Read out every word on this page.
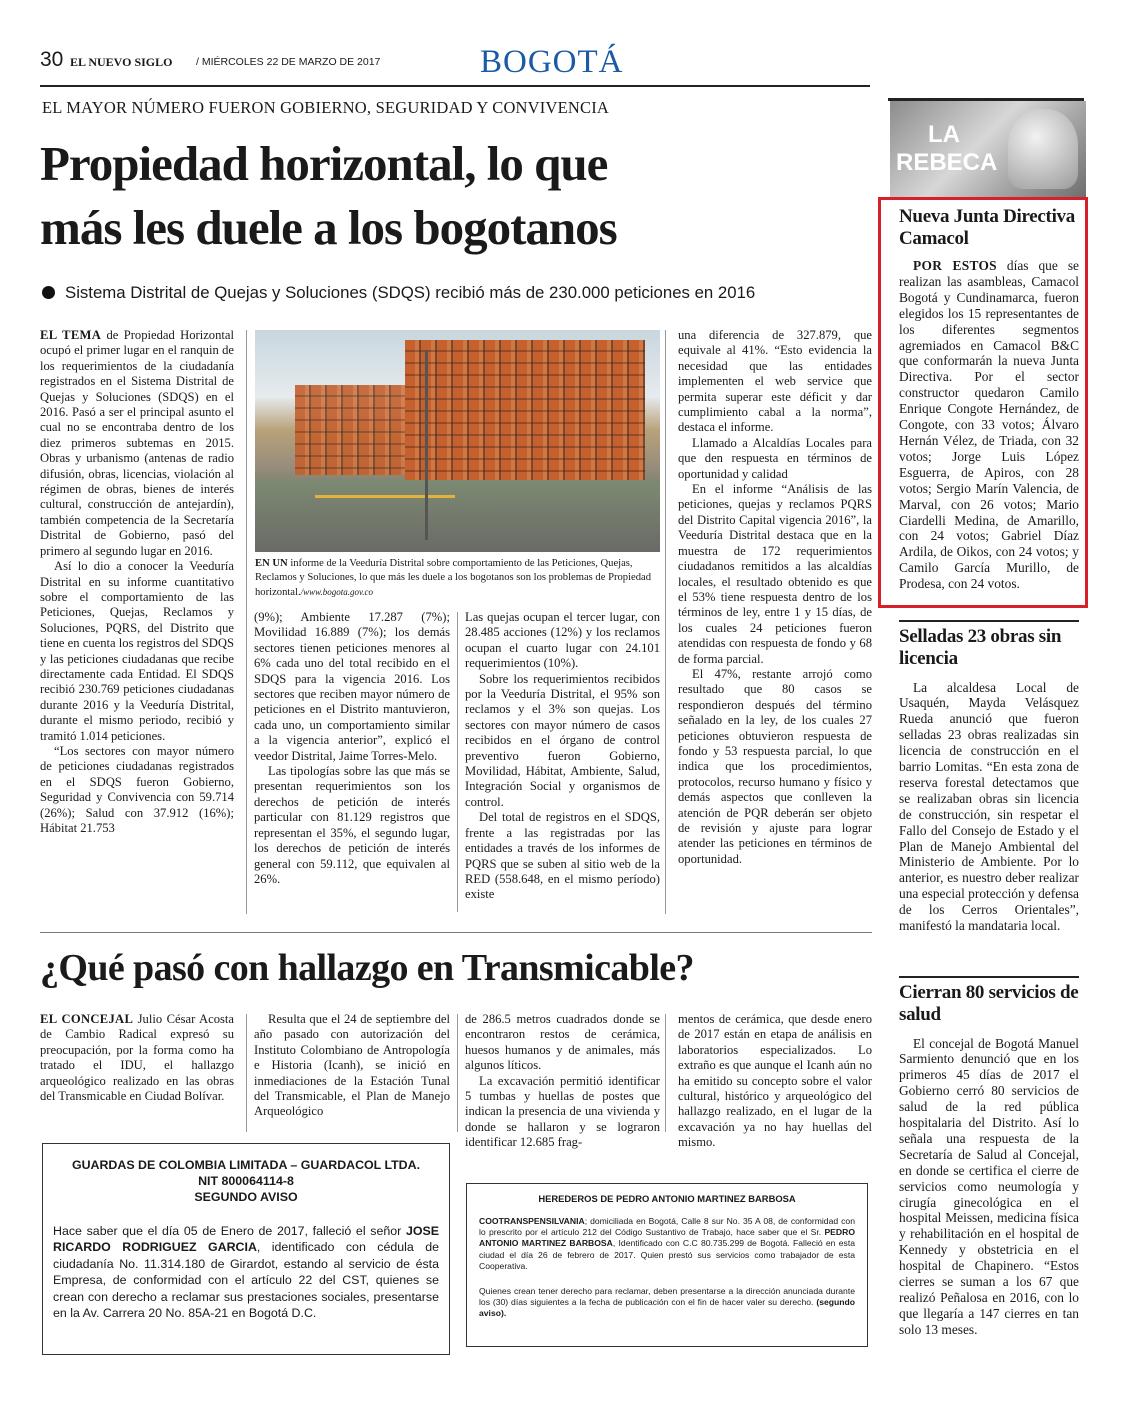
30 EL NUEVO SIGLO / MIÉRCOLES 22 DE MARZO DE 2017	BOGOTÁ
EL MAYOR NÚMERO FUERON GOBIERNO, SEGURIDAD Y CONVIVENCIA
Propiedad horizontal, lo que
más les duele a los bogotanos
Sistema Distrital de Quejas y Soluciones (SDQS) recibió más de 230.000 peticiones en 2016

EL TEMA de Propiedad Horizontal ocupó el primer lugar en el ranquin de los requerimientos de la ciudadanía registrados en el Sistema Distrital de Quejas y Soluciones (SDQS) en el 2016. Pasó a ser el principal asunto el cual no se encontraba dentro de los diez primeros subtemas en 2015. Obras y urbanismo (antenas de radio difusión, obras, licencias, violación al régimen de obras, bienes de interés cultural, construcción de antejardín), también competencia de la Secretaría Distrital de Gobierno, pasó del primero al segundo lugar en 2016.

Así lo dio a conocer la Veeduría Distrital en su informe cuantitativo sobre el comportamiento de las Peticiones, Quejas, Reclamos y Soluciones, PQRS, del Distrito que tiene en cuenta los registros del SDQS y las peticiones ciudadanas que recibe directamente cada Entidad. El SDQS recibió 230.769 peticiones ciudadanas durante 2016 y la Veeduría Distrital, durante el mismo periodo, recibió y tramitó 1.014 peticiones.

“Los sectores con mayor número de peticiones ciudadanas registrados en el SDQS fueron Gobierno, Seguridad y Convivencia con 59.714 (26%); Salud con 37.912 (16%); Hábitat 21.753

EN UN informe de la Veeduría Distrital sobre comportamiento de las Peticiones, Quejas, Reclamos y Soluciones, lo que más les duele a los bogotanos son los problemas de Propiedad horizontal./www.bogota.gov.co

(9%); Ambiente 17.287 (7%); Movilidad 16.889 (7%); los demás sectores tienen peticiones menores al 6% cada uno del total recibido en el SDQS para la vigencia 2016. Los sectores que reciben mayor número de peticiones en el Distrito mantuvieron, cada uno, un comportamiento similar a la vigencia anterior”, explicó el veedor Distrital, Jaime Torres-Melo.

Las tipologías sobre las que más se presentan requerimientos son los derechos de petición de interés particular con 81.129 registros que representan el 35%, el segundo lugar, los derechos de petición de interés general con 59.112, que equivalen al 26%.

Las quejas ocupan el tercer lugar, con 28.485 acciones (12%) y los reclamos ocupan el cuarto lugar con 24.101 requerimientos (10%).

Sobre los requerimientos recibidos por la Veeduría Distrital, el 95% son reclamos y el 3% son quejas. Los sectores con mayor número de casos recibidos en el órgano de control preventivo fueron Gobierno, Movilidad, Hábitat, Ambiente, Salud, Integración Social y organismos de control.

Del total de registros en el SDQS, frente a las registradas por las entidades a través de los informes de PQRS que se suben al sitio web de la RED (558.648, en el mismo período) existe

una diferencia de 327.879, que equivale al 41%. “Esto evidencia la necesidad que las entidades implementen el web service que permita superar este déficit y dar cumplimiento cabal a la norma”, destaca el informe.

Llamado a Alcaldías Locales para que den respuesta en términos de oportunidad y calidad

En el informe “Análisis de las peticiones, quejas y reclamos PQRS del Distrito Capital vigencia 2016”, la Veeduría Distrital destaca que en la muestra de 172 requerimientos ciudadanos remitidos a las alcaldías locales, el resultado obtenido es que el 53% tiene respuesta dentro de los términos de ley, entre 1 y 15 días, de los cuales 24 peticiones fueron atendidas con respuesta de fondo y 68 de forma parcial.

El 47%, restante arrojó como resultado que 80 casos se respondieron después del término señalado en la ley, de los cuales 27 peticiones obtuvieron respuesta de fondo y 53 respuesta parcial, lo que indica que los procedimientos, protocolos, recurso humano y físico y demás aspectos que conlleven la atención de PQR deberán ser objeto de revisión y ajuste para lograr atender las peticiones en términos de oportunidad.

¿Qué pasó con hallazgo en Transmicable?

EL CONCEJAL Julio César Acosta de Cambio Radical expresó su preocupación, por la forma como ha tratado el IDU, el hallazgo arqueológico realizado en las obras del Transmicable en Ciudad Bolívar.

Resulta que el 24 de septiembre del año pasado con autorización del Instituto Colombiano de Antropología e Historia (Icanh), se inició en inmediaciones de la Estación Tunal del Transmicable, el Plan de Manejo Arqueológico

de 286.5 metros cuadrados donde se encontraron restos de cerámica, huesos humanos y de animales, más algunos líticos.

La excavación permitió identificar 5 tumbas y huellas de postes que indican la presencia de una vivienda y donde se hallaron y se lograron identificar 12.685 frag-

mentos de cerámica, que desde enero de 2017 están en etapa de análisis en laboratorios especializados. Lo extraño es que aunque el Icanh aún no ha emitido su concepto sobre el valor cultural, histórico y arqueológico del hallazgo realizado, en el lugar de la excavación ya no hay huellas del mismo.

GUARDAS DE COLOMBIA LIMITADA – GUARDACOL LTDA.
NIT 800064114-8
SEGUNDO AVISO
Hace saber que el día 05 de Enero de 2017, falleció el señor JOSE RICARDO RODRIGUEZ GARCIA, identificado con cédula de ciudadanía No. 11.314.180 de Girardot, estando al servicio de ésta Empresa, de conformidad con el artículo 22 del CST, quienes se crean con derecho a reclamar sus prestaciones sociales, presentarse en la Av. Carrera 20 No. 85A-21 en Bogotá D.C.
HEREDEROS DE PEDRO ANTONIO MARTINEZ BARBOSA
COOTRANSPENSILVANIA; domiciliada en Bogotá, Calle 8 sur No. 35 A 08, de conformidad con lo prescrito por el artículo 212 del Código Sustantivo de Trabajo, hace saber que el Sr. PEDRO ANTONIO MARTINEZ BARBOSA, Identificado con C.C 80.735.299 de Bogotá. Falleció en esta ciudad el día 26 de febrero de 2017. Quien prestó sus servicios como trabajador de esta Cooperativa.
Quienes crean tener derecho para reclamar, deben presentarse a la dirección anunciada durante los (30) días siguientes a la fecha de publicación con el fin de hacer valer su derecho. (segundo aviso).
LA
REBECA
Nueva Junta Directiva Camacol

POR ESTOS días que se realizan las asambleas, Camacol Bogotá y Cundinamarca, fueron elegidos los 15 representantes de los diferentes segmentos agremiados en Camacol B&C que conformarán la nueva Junta Directiva. Por el sector constructor quedaron Camilo Enrique Congote Hernández, de Congote, con 33 votos; Álvaro Hernán Vélez, de Triada, con 32 votos; Jorge Luis López Esguerra, de Apiros, con 28 votos; Sergio Marín Valencia, de Marval, con 26 votos; Mario Ciardelli Medina, de Amarillo, con 24 votos; Gabriel Díaz Ardila, de Oikos, con 24 votos; y Camilo García Murillo, de Prodesa, con 24 votos.

Selladas 23 obras sin licencia

La alcaldesa Local de Usaquén, Mayda Velásquez Rueda anunció que fueron selladas 23 obras realizadas sin licencia de construcción en el barrio Lomitas. “En esta zona de reserva forestal detectamos que se realizaban obras sin licencia de construcción, sin respetar el Fallo del Consejo de Estado y el Plan de Manejo Ambiental del Ministerio de Ambiente. Por lo anterior, es nuestro deber realizar una especial protección y defensa de los Cerros Orientales”, manifestó la mandataria local.

Cierran 80 servicios de salud

El concejal de Bogotá Manuel Sarmiento denunció que en los primeros 45 días de 2017 el Gobierno cerró 80 servicios de salud de la red pública hospitalaria del Distrito. Así lo señala una respuesta de la Secretaría de Salud al Concejal, en donde se certifica el cierre de servicios como neumología y cirugía ginecológica en el hospital Meissen, medicina física y rehabilitación en el hospital de Kennedy y obstetricia en el hospital de Chapinero. “Estos cierres se suman a los 67 que realizó Peñalosa en 2016, con lo que llegaría a 147 cierres en tan solo 13 meses.
